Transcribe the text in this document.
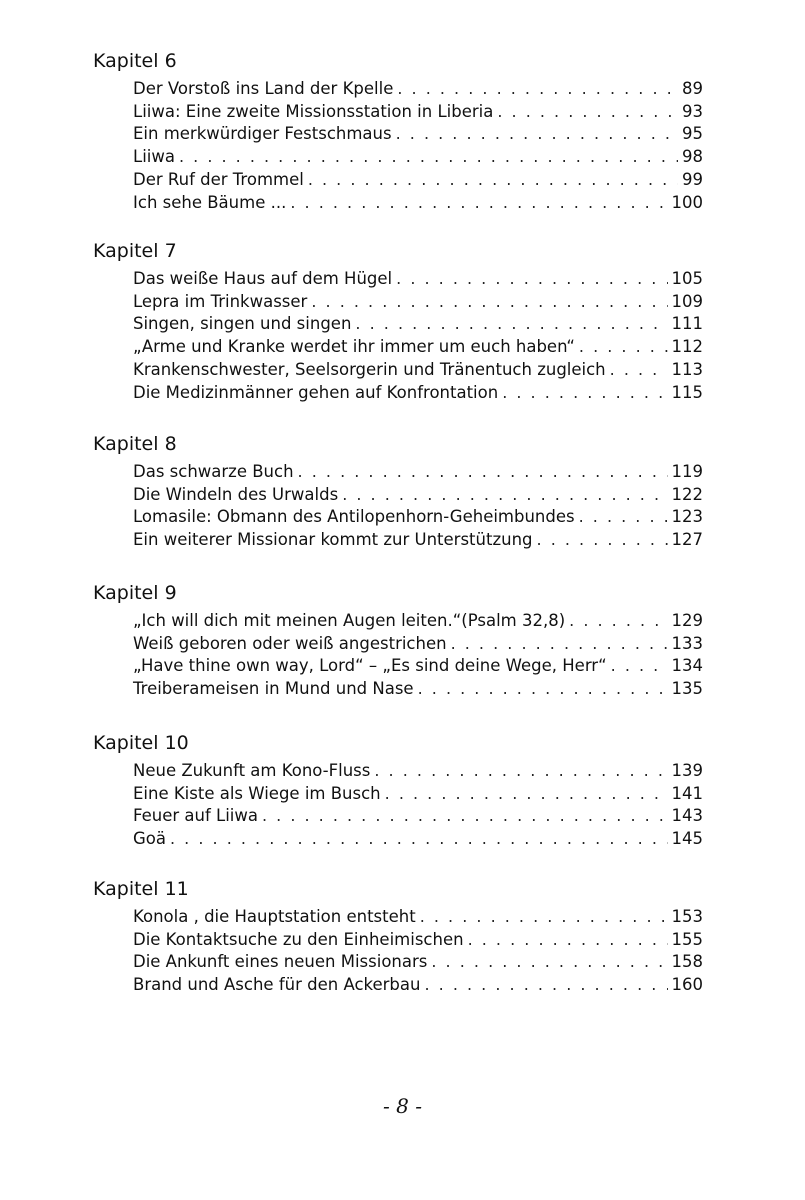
Kapitel 6
Der Vorstoß ins Land der Kpelle . . .	89
Liiwa: Eine zweite Missionsstation in Liberia . . .	93
Ein merkwürdiger Festschmaus . . .	95
Liiwa . . .	98
Der Ruf der Trommel . . .	99
Ich sehe Bäume ... . . .	100
Kapitel 7
Das weiße Haus auf dem Hügel . . .	105
Lepra im Trinkwasser . . .	109
Singen, singen und singen . . .	111
„Arme und Kranke werdet ihr immer um euch haben“ . . .	112
Krankenschwester, Seelsorgerin und Tränentuch zugleich . . .	113
Die Medizinmänner gehen auf Konfrontation . . .	115
Kapitel 8
Das schwarze Buch . . .	119
Die Windeln des Urwalds . . .	122
Lomasile: Obmann des Antilopenhorn-Geheimbundes . . .	123
Ein weiterer Missionar kommt zur Unterstützung . . .	127
Kapitel 9
„Ich will dich mit meinen Augen leiten.“(Psalm 32,8) . . .	129
Weiß geboren oder weiß angestrichen . . .	133
„Have thine own way, Lord“ – „Es sind deine Wege, Herr“ . . .	134
Treiberameisen in Mund und Nase . . .	135
Kapitel 10
Neue Zukunft am Kono-Fluss . . .	139
Eine Kiste als Wiege im Busch . . .	141
Feuer auf Liiwa . . .	143
Goä . . .	145
Kapitel 11
Konola , die Hauptstation entsteht . . .	153
Die Kontaktsuche zu den Einheimischen . . .	155
Die Ankunft eines neuen Missionars . . .	158
Brand und Asche für den Ackerbau . . .	160
- 8 -
